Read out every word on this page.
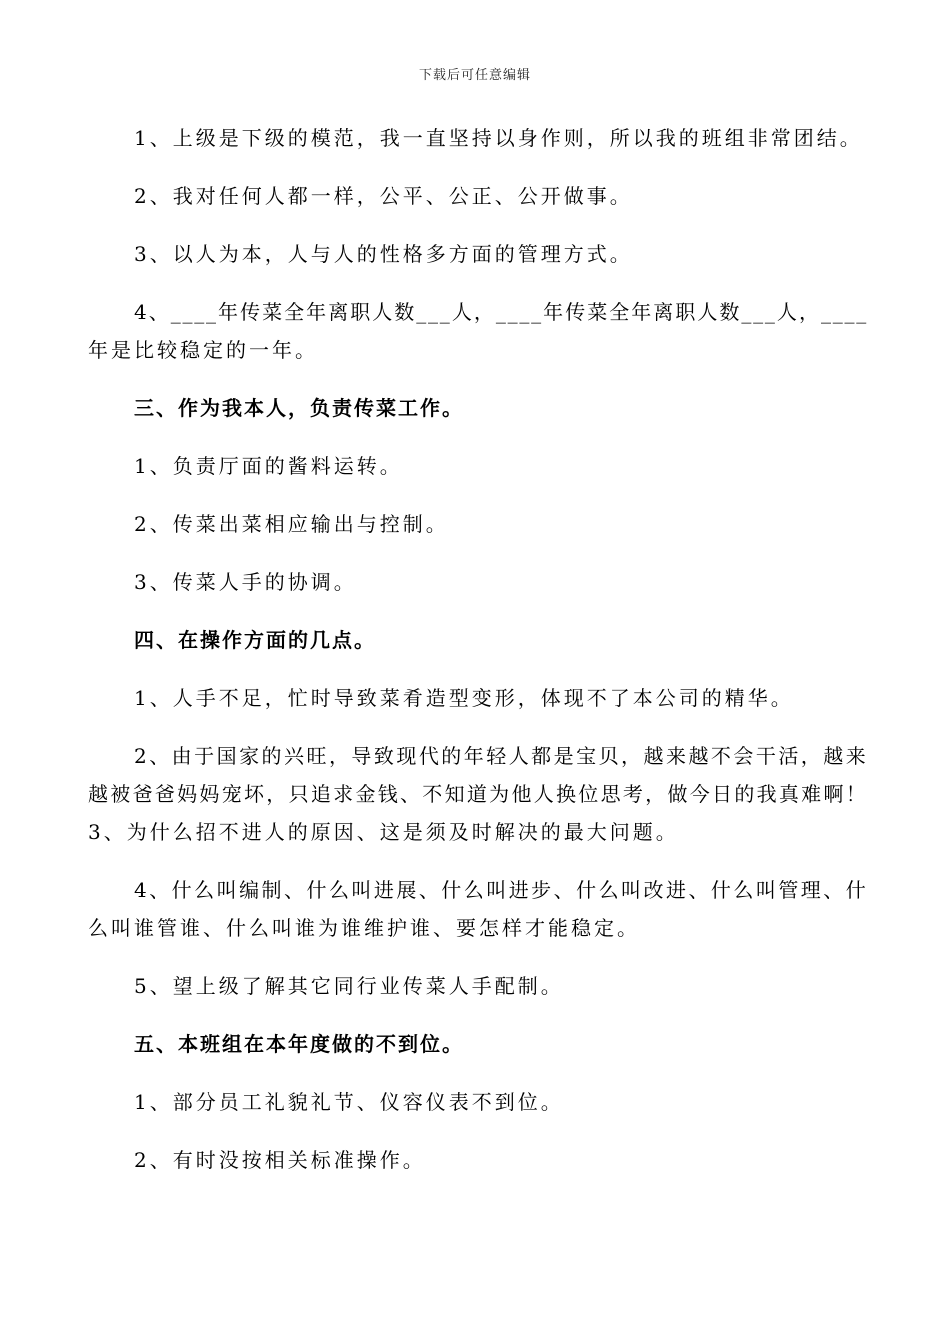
下载后可任意编辑
1、上级是下级的模范，我一直坚持以身作则，所以我的班组非常团结。
2、我对任何人都一样，公平、公正、公开做事。
3、以人为本，人与人的性格多方面的管理方式。
4、____年传菜全年离职人数___人，____年传菜全年离职人数___人，____
年是比较稳定的一年。
三、作为我本人，负责传菜工作。
1、负责厅面的酱料运转。
2、传菜出菜相应输出与控制。
3、传菜人手的协调。
四、在操作方面的几点。
1、人手不足，忙时导致菜肴造型变形，体现不了本公司的精华。
2、由于国家的兴旺，导致现代的年轻人都是宝贝，越来越不会干活，越来
越被爸爸妈妈宠坏，只追求金钱、不知道为他人换位思考，做今日的我真难啊！
3、为什么招不进人的原因、这是须及时解决的最大问题。
4、什么叫编制、什么叫进展、什么叫进步、什么叫改进、什么叫管理、什
么叫谁管谁、什么叫谁为谁维护谁、要怎样才能稳定。
5、望上级了解其它同行业传菜人手配制。
五、本班组在本年度做的不到位。
1、部分员工礼貌礼节、仪容仪表不到位。
2、有时没按相关标准操作。
